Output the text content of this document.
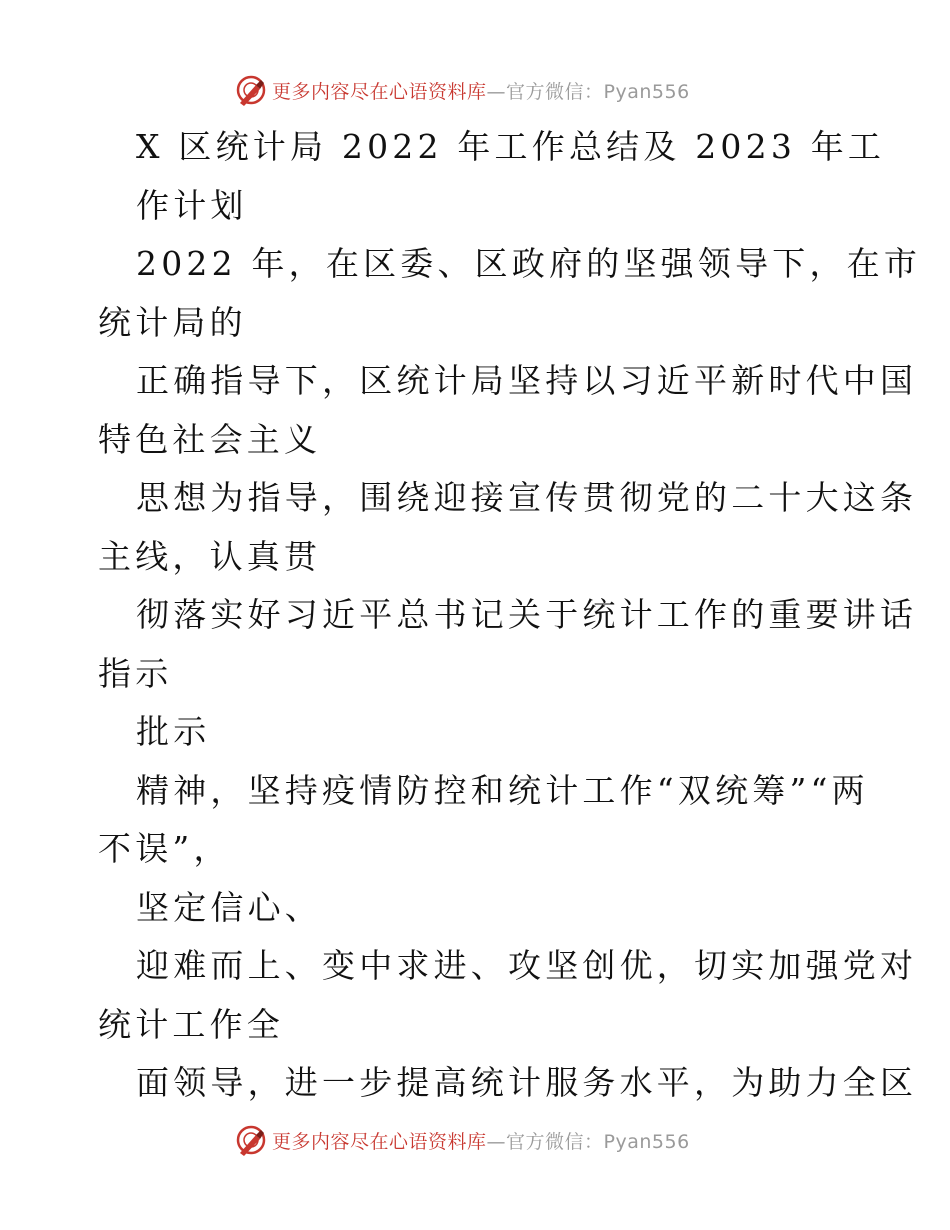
更多内容尽在心语资料库—官方微信：Pyan556
X 区统计局 2022 年工作总结及 2023 年工
作计划
2022 年，在区委、区政府的坚强领导下，在市
统计局的
正确指导下，区统计局坚持以习近平新时代中国
特色社会主义
思想为指导，围绕迎接宣传贯彻党的二十大这条
主线，认真贯
彻落实好习近平总书记关于统计工作的重要讲话
指示
批示
精神，坚持疫情防控和统计工作“双统筹”“两
不误”，
坚定信心、
迎难而上、变中求进、攻坚创优，切实加强党对
统计工作全
面领导，进一步提高统计服务水平，为助力全区
更多内容尽在心语资料库—官方微信：Pyan556
